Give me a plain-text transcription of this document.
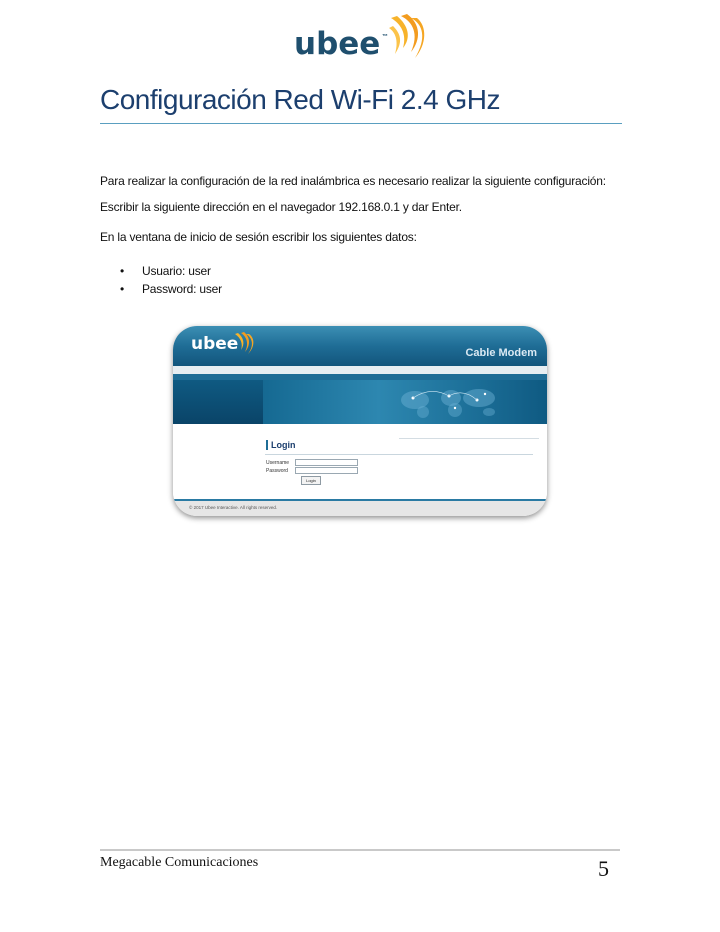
ubee ™
Configuración Red Wi-Fi 2.4 GHz
Para realizar la configuración de la red inalámbrica es necesario realizar la siguiente configuración:
Escribir la siguiente dirección en el navegador 192.168.0.1 y dar Enter.
En la ventana de inicio de sesión escribir los siguientes datos:
• Usuario: user
• Password: user
ubee	Cable Modem
Login
Username
Password
Login
© 2017 Ubee Interactive. All rights reserved.
Megacable Comunicaciones	5
